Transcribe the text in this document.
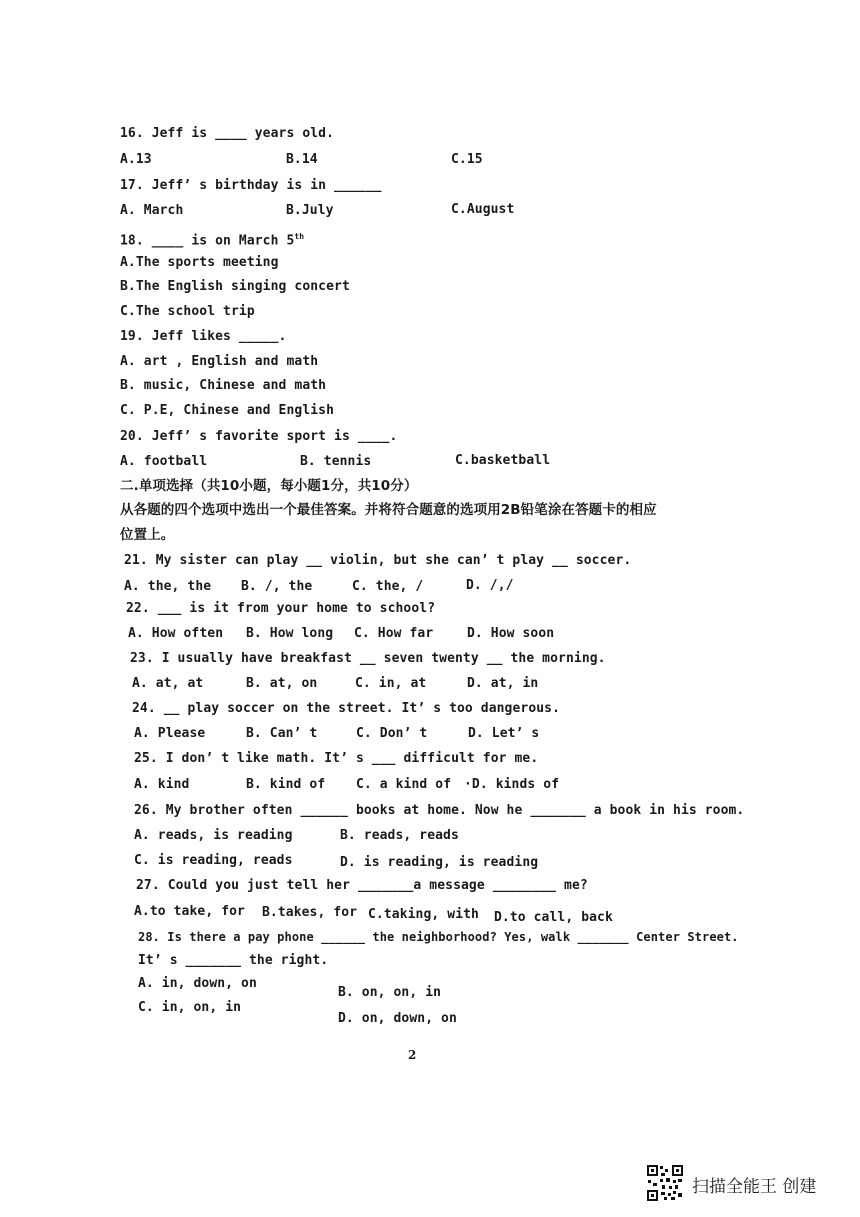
16. Jeff is ____ years old.
A.13	B.14	C.15
17. Jeff’ s birthday is in ______
A. March	B.July	C.August
18. ____ is on March 5th
A.The sports meeting
B.The English singing concert
C.The school trip
19. Jeff likes _____.
A. art , English and math
B. music, Chinese and math
C. P.E, Chinese and English
20. Jeff’ s favorite sport is ____.
A. football	B. tennis	C.basketball
二.单项选择（共10小题，每小题1分，共10分）
从各题的四个选项中选出一个最佳答案。并将符合题意的选项用2B铅笔涂在答题卡的相应
位置上。
21. My sister can play __ violin, but she can’ t play __ soccer.
A. the, the B. /, the	C. the, /	D. /,/
22. ___ is it from your home to school?
A. How often B. How long C. How far	D. How soon
23. I usually have breakfast __ seven twenty __ the morning.
A. at, at	B. at, on	C. in, at	D. at, in
24. __ play soccer on the street. It’ s too dangerous.
A. Please	B. Can’ t	C. Don’ t	D. Let’ s
25. I don’ t like math. It’ s ___ difficult for me.
A. kind	B. kind of C. a kind of ·D. kinds of
26. My brother often ______ books at home. Now he _______ a book in his room.
A. reads, is reading	B. reads, reads
C. is reading, reads	D. is reading, is reading
27. Could you just tell her _______a message ________ me?
A.to take, for B.takes, for C.taking, with D.to call, back
28. Is there a pay phone ______ the neighborhood? Yes, walk _______ Center Street.
It’ s _______ the right.
A. in, down, on
B. on, on, in
C. in, on, in
D. on, down, on
2
扫描全能王 创建
